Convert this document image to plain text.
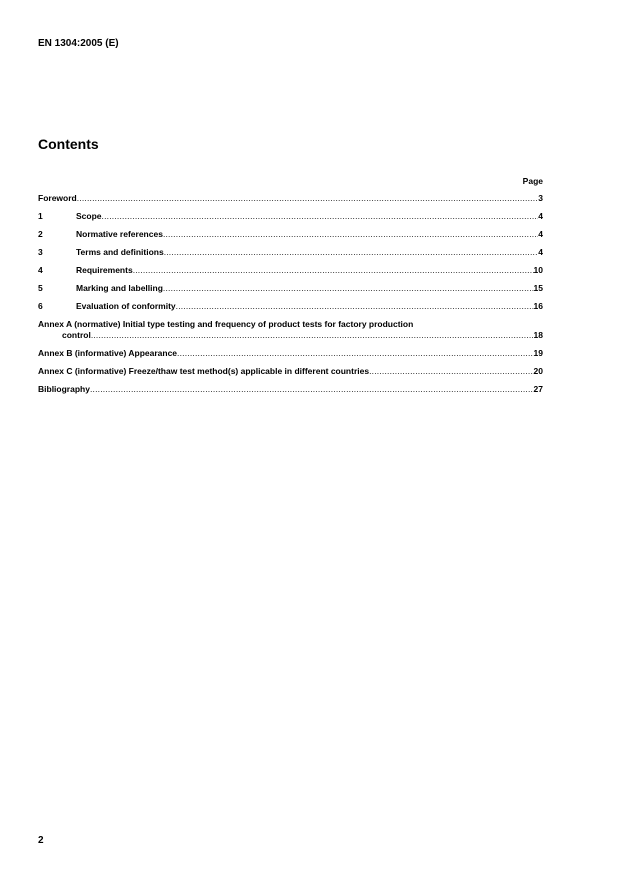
EN 1304:2005 (E)
Contents
Page
Foreword .....	3
1	Scope .....	4
2	Normative references .....	4
3	Terms and definitions .....	4
4	Requirements .....	10
5	Marking and labelling .....	15
6	Evaluation of conformity .....	16
Annex A (normative) Initial type testing and frequency of product tests for factory production
control .....	18
Annex B (informative) Appearance .....	19
Annex C (informative) Freeze/thaw test method(s) applicable in different countries .....	20
Bibliography .....	27
2
